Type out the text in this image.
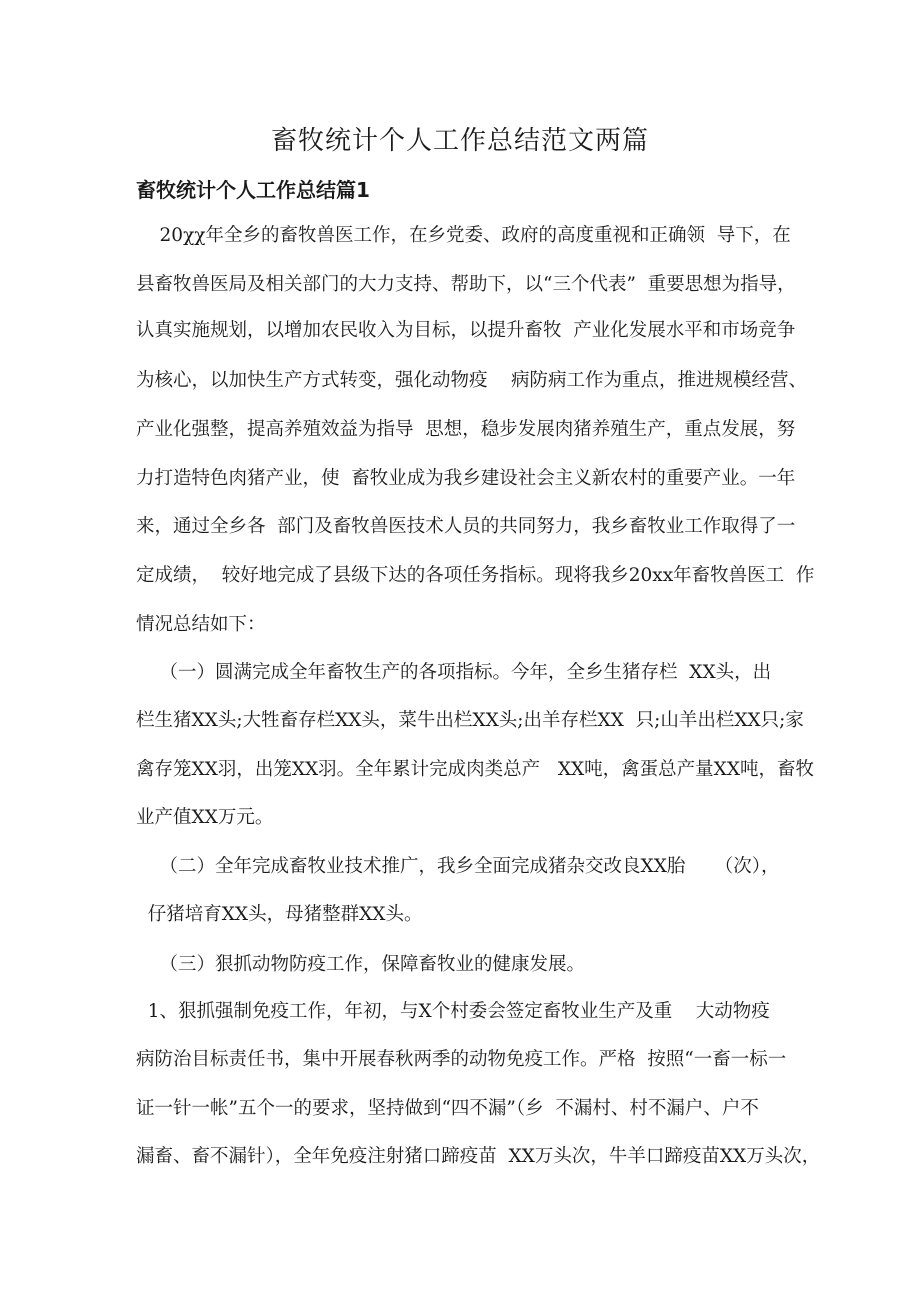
畜牧统计个人工作总结范文两篇
畜牧统计个人工作总结篇1

20χχ年全乡的畜牧兽医工作，在乡党委、政府的高度重视和正确领  导下，在

县畜牧兽医局及相关部门的大力支持、帮助下，以“三个代表”  重要思想为指导，

认真实施规划，以增加农民收入为目标，以提升畜牧  产业化发展水平和市场竞争

为核心，以加快生产方式转变，强化动物疫    病防病工作为重点，推进规模经营、

产业化强整，提高养殖效益为指导  思想，稳步发展肉猪养殖生产，重点发展，努

力打造特色肉猪产业，使  畜牧业成为我乡建设社会主义新农村的重要产业。一年

来，通过全乡各  部门及畜牧兽医技术人员的共同努力，我乡畜牧业工作取得了一

定成绩，  较好地完成了县级下达的各项任务指标。现将我乡20xx年畜牧兽医工  作

情况总结如下：

（一）圆满完成全年畜牧生产的各项指标。今年，全乡生猪存栏  XX头，出

栏生猪XX头;大牲畜存栏XX头，菜牛出栏XX头;出羊存栏XX  只;山羊出栏XX只;家

禽存笼XX羽，出笼XX羽。全年累计完成肉类总产   XX吨，禽蛋总产量XX吨，畜牧

业产值XX万元。

（二）全年完成畜牧业技术推广，我乡全面完成猪杂交改良XX胎     （次），

仔猪培育XX头，母猪整群XX头。

（三）狠抓动物防疫工作，保障畜牧业的健康发展。

1、狠抓强制免疫工作，年初，与X个村委会签定畜牧业生产及重    大动物疫

病防治目标责任书，集中开展春秋两季的动物免疫工作。严格  按照“一畜一标一

证一针一帐”五个一的要求，坚持做到“四不漏”（乡  不漏村、村不漏户、户不

漏畜、畜不漏针），全年免疫注射猪口蹄疫苗  XX万头次，牛羊口蹄疫苗XX万头次，
